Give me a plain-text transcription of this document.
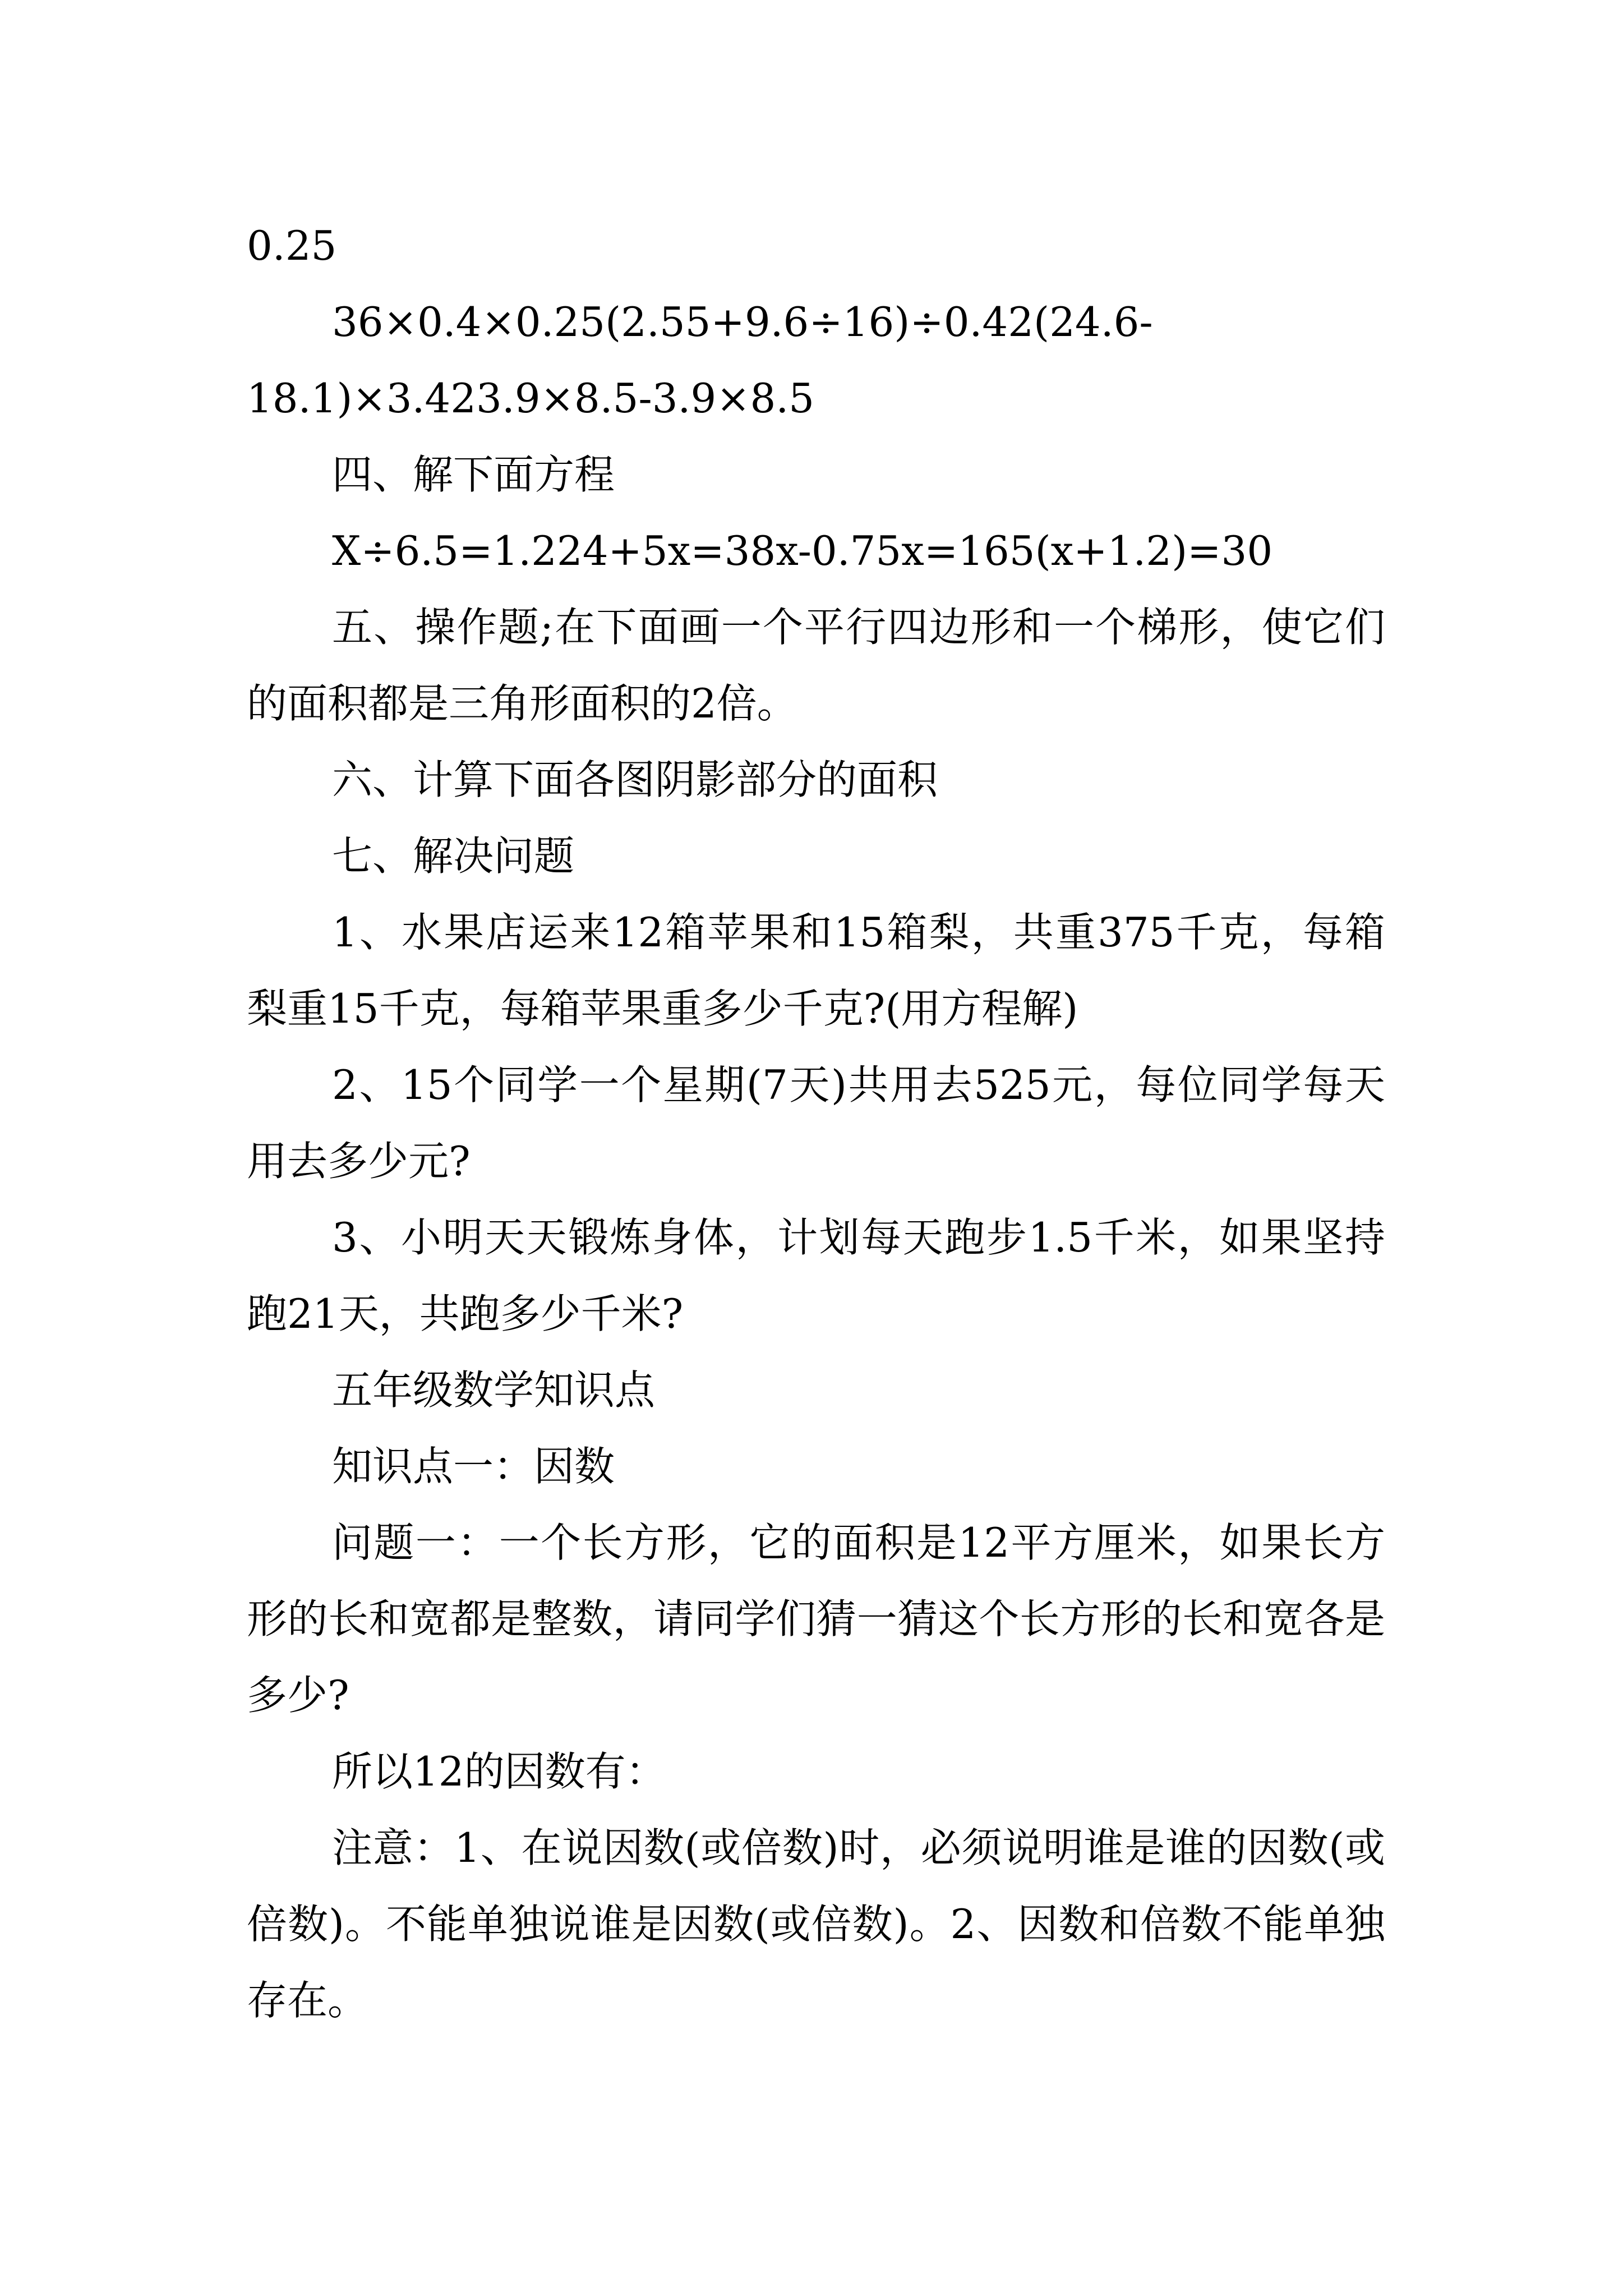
0.25

36×0.4×0.25(2.55+9.6÷16)÷0.42(24.6-18.1)×3.423.9×8.5-3.9×8.5

四、解下面方程

X÷6.5=1.224+5x=38x-0.75x=165(x+1.2)=30

五、操作题;在下面画一个平行四边形和一个梯形，使它们的面积都是三角形面积的2倍。

六、计算下面各图阴影部分的面积

七、解决问题

1、水果店运来12箱苹果和15箱梨，共重375千克，每箱梨重15千克，每箱苹果重多少千克?(用方程解)

2、15个同学一个星期(7天)共用去525元，每位同学每天用去多少元?

3、小明天天锻炼身体，计划每天跑步1.5千米，如果坚持跑21天，共跑多少千米?

五年级数学知识点

知识点一：因数

问题一：一个长方形，它的面积是12平方厘米，如果长方形的长和宽都是整数，请同学们猜一猜这个长方形的长和宽各是多少?

所以12的因数有：

注意：1、在说因数(或倍数)时，必须说明谁是谁的因数(或倍数)。不能单独说谁是因数(或倍数)。2、因数和倍数不能单独存在。
